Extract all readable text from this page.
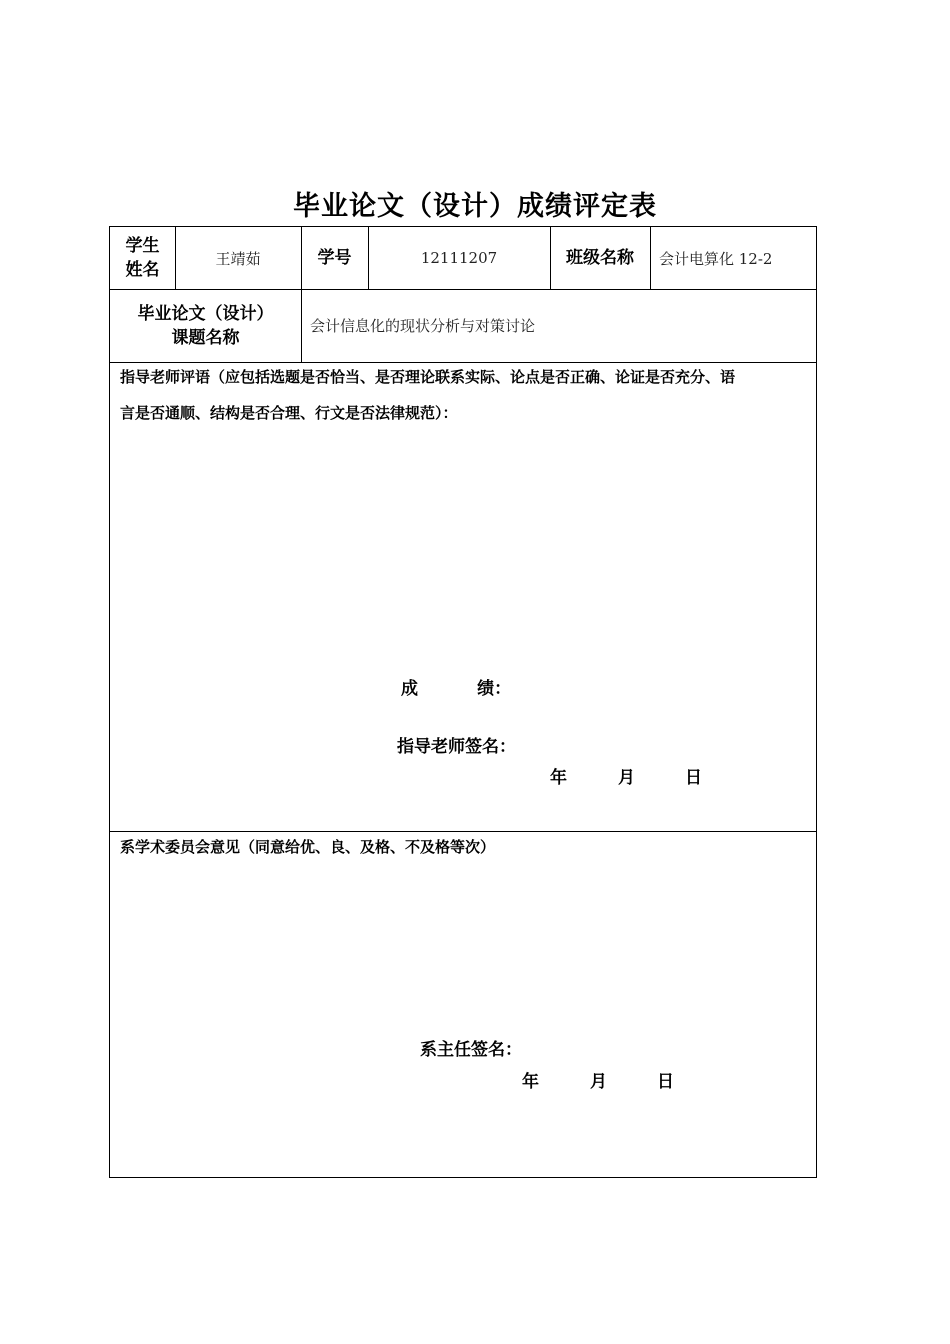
毕业论文（设计）成绩评定表
学生
姓名
王靖茹	学号	12111207	班级名称	会计电算化 12-2
毕业论文（设计）
课题名称
会计信息化的现状分析与对策讨论
指导老师评语（应包括选题是否恰当、是否理论联系实际、论点是否正确、论证是否充分、语
言是否通顺、结构是否合理、行文是否法律规范）：
成          绩：
指导老师签名：
年	月	日
系学术委员会意见（同意给优、良、及格、不及格等次）
系主任签名：
年	月	日
